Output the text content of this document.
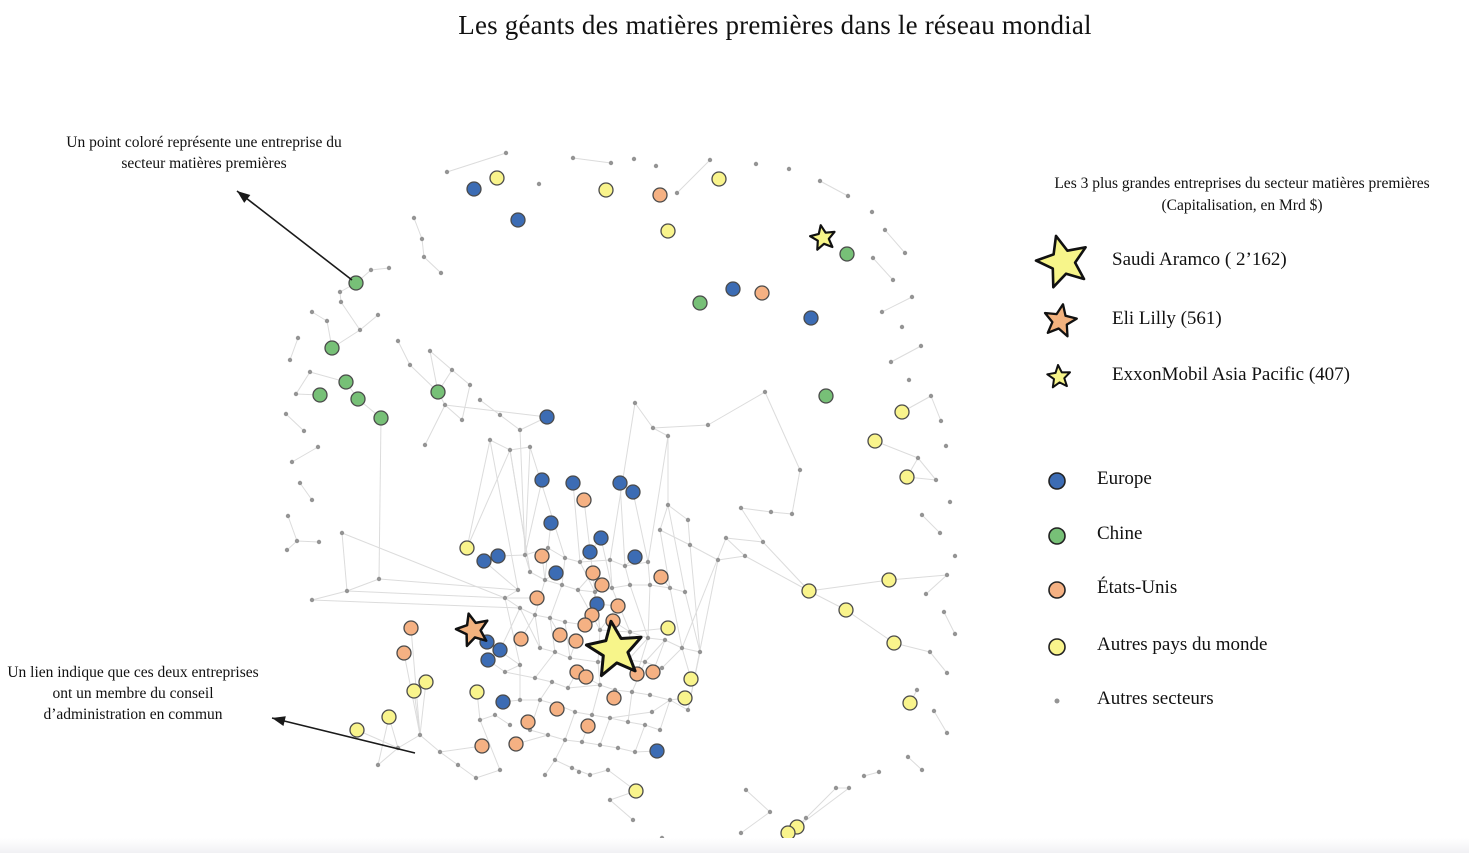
Les géants des matières premières dans le réseau mondial
Un point coloré représente une entreprise du secteur matières premières
Un lien indique que ces deux entreprises ont un membre du conseil d’administration en commun
Les 3 plus grandes entreprises du secteur matières premières
(Capitalisation, en Mrd $)
Saudi Aramco ( 2’162)
Eli Lilly (561)
ExxonMobil Asia Pacific (407)
Europe
Chine
États-Unis
Autres pays du monde
Autres secteurs
